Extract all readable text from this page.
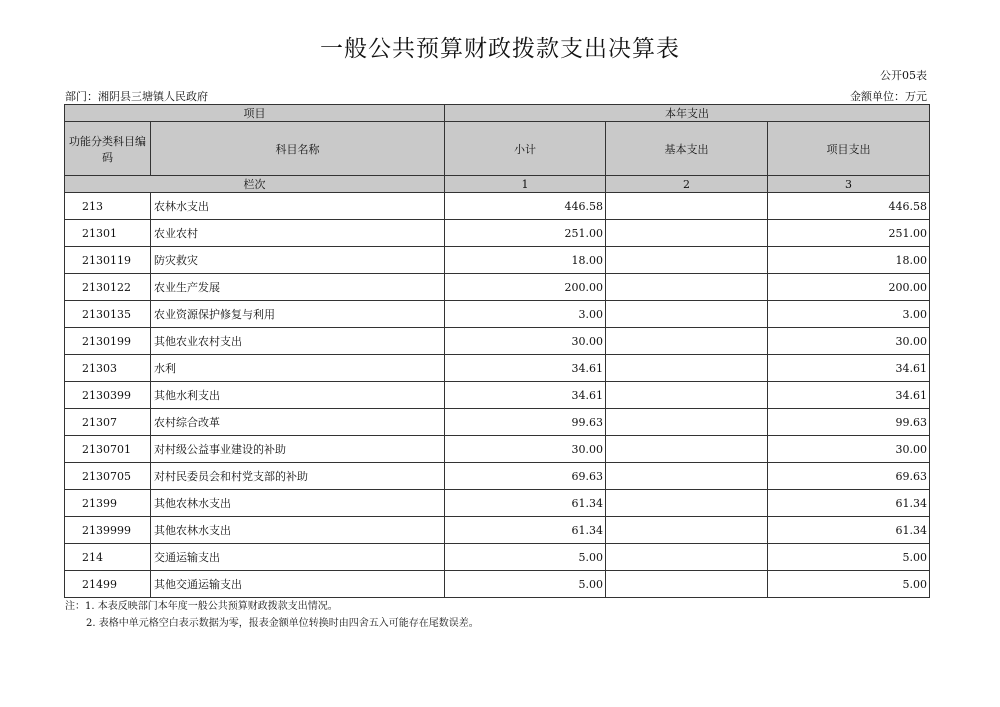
一般公共预算财政拨款支出决算表
公开05表
部门：湘阴县三塘镇人民政府	金额单位：万元
项目		本年支出		
功能分类科目编码	科目名称	小计	基本支出	项目支出
栏次		1	2	3
213	农林水支出	446.58		446.58
21301	农业农村	251.00		251.00
2130119	防灾救灾	18.00		18.00
2130122	农业生产发展	200.00		200.00
2130135	农业资源保护修复与利用	3.00		3.00
2130199	其他农业农村支出	30.00		30.00
21303	水利	34.61		34.61
2130399	其他水利支出	34.61		34.61
21307	农村综合改革	99.63		99.63
2130701	对村级公益事业建设的补助	30.00		30.00
2130705	对村民委员会和村党支部的补助	69.63		69.63
21399	其他农林水支出	61.34		61.34
2139999	其他农林水支出	61.34		61.34
214	交通运输支出	5.00		5.00
21499	其他交通运输支出	5.00		5.00
注：1. 本表反映部门本年度一般公共预算财政拨款支出情况。
2. 表格中单元格空白表示数据为零，报表金额单位转换时由四舍五入可能存在尾数误差。
